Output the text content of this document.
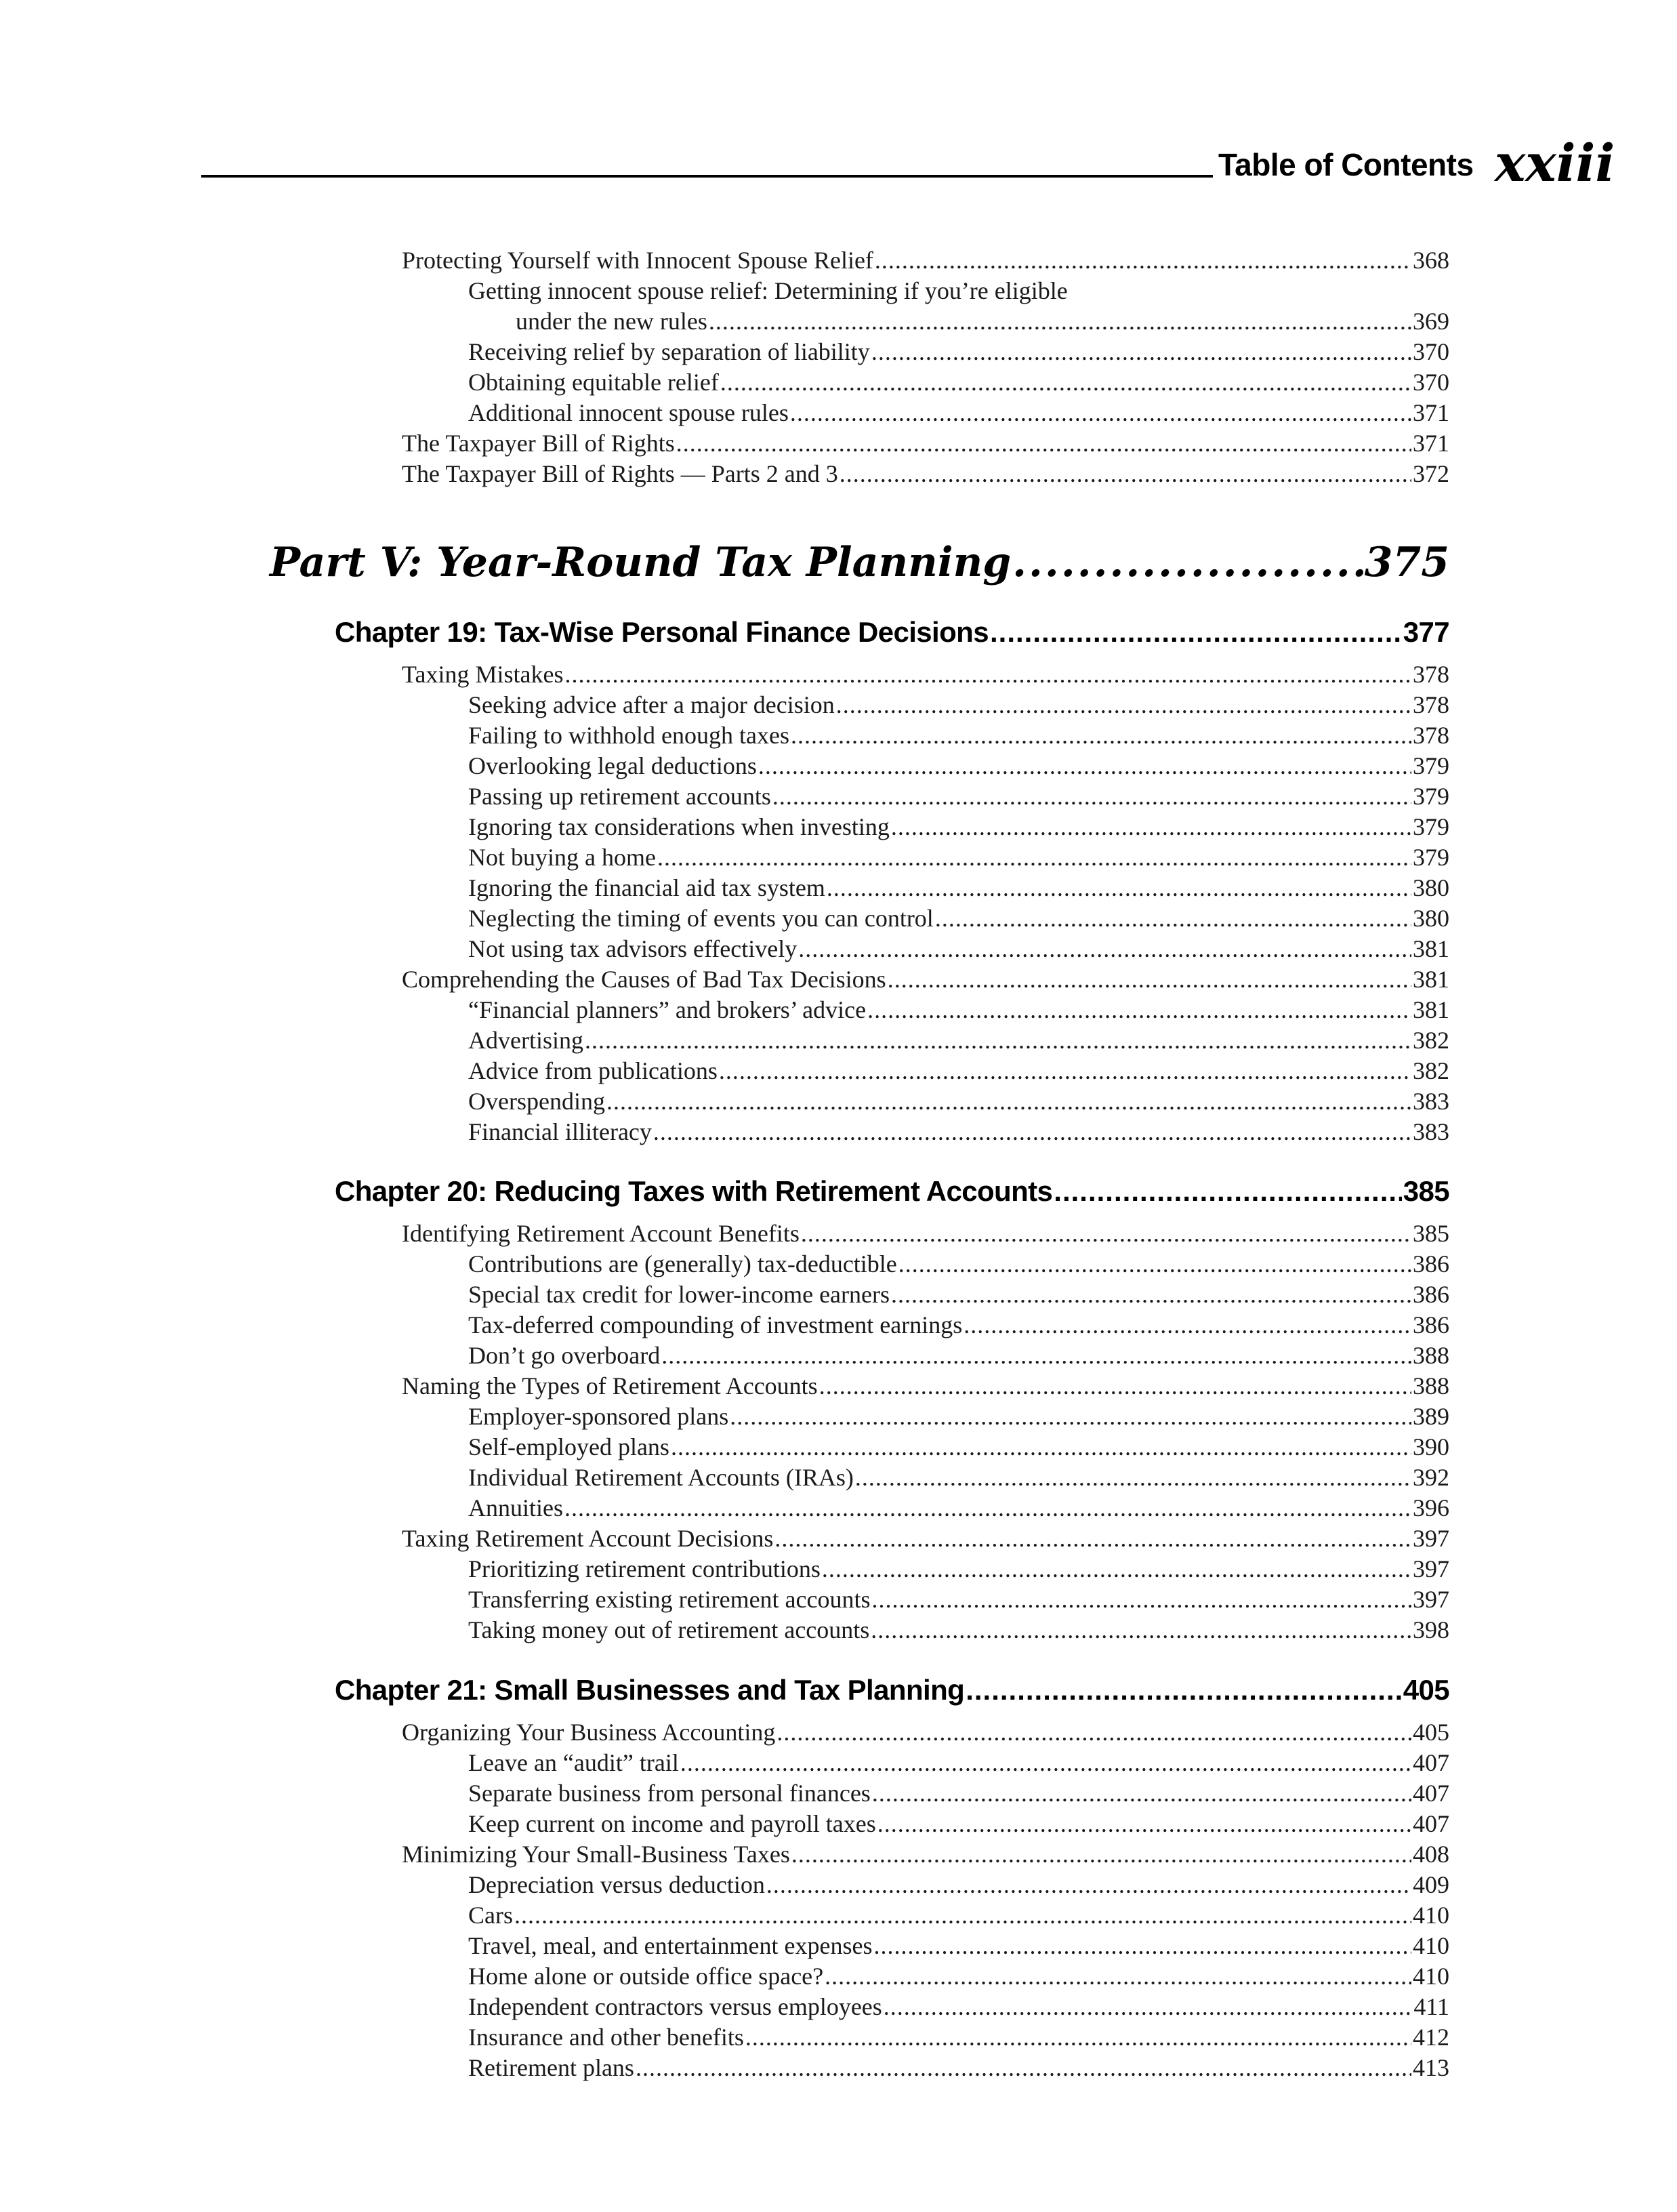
Table of Contents xxiii
Protecting Yourself with Innocent Spouse Relief .....	368
Getting innocent spouse relief: Determining if you’re eligible
under the new rules .....	369
Receiving relief by separation of liability .....	370
Obtaining equitable relief .....	370
Additional innocent spouse rules .....	371
The Taxpayer Bill of Rights .....	371
The Taxpayer Bill of Rights — Parts 2 and 3 .....	372
Part V: Year-Round Tax Planning .....	375
Chapter 19: Tax-Wise Personal Finance Decisions .....	377
Taxing Mistakes .....	378
Seeking advice after a major decision .....	378
Failing to withhold enough taxes .....	378
Overlooking legal deductions .....	379
Passing up retirement accounts .....	379
Ignoring tax considerations when investing .....	379
Not buying a home .....	379
Ignoring the financial aid tax system .....	380
Neglecting the timing of events you can control .....	380
Not using tax advisors effectively .....	381
Comprehending the Causes of Bad Tax Decisions .....	381
“Financial planners” and brokers’ advice .....	381
Advertising .....	382
Advice from publications .....	382
Overspending .....	383
Financial illiteracy .....	383
Chapter 20: Reducing Taxes with Retirement Accounts .....	385
Identifying Retirement Account Benefits .....	385
Contributions are (generally) tax-deductible .....	386
Special tax credit for lower-income earners .....	386
Tax-deferred compounding of investment earnings .....	386
Don’t go overboard .....	388
Naming the Types of Retirement Accounts .....	388
Employer-sponsored plans .....	389
Self-employed plans .....	390
Individual Retirement Accounts (IRAs) .....	392
Annuities .....	396
Taxing Retirement Account Decisions .....	397
Prioritizing retirement contributions .....	397
Transferring existing retirement accounts .....	397
Taking money out of retirement accounts .....	398
Chapter 21: Small Businesses and Tax Planning .....	405
Organizing Your Business Accounting .....	405
Leave an “audit” trail .....	407
Separate business from personal finances .....	407
Keep current on income and payroll taxes .....	407
Minimizing Your Small-Business Taxes .....	408
Depreciation versus deduction .....	409
Cars .....	410
Travel, meal, and entertainment expenses .....	410
Home alone or outside office space? .....	410
Independent contractors versus employees .....	411
Insurance and other benefits .....	412
Retirement plans .....	413
